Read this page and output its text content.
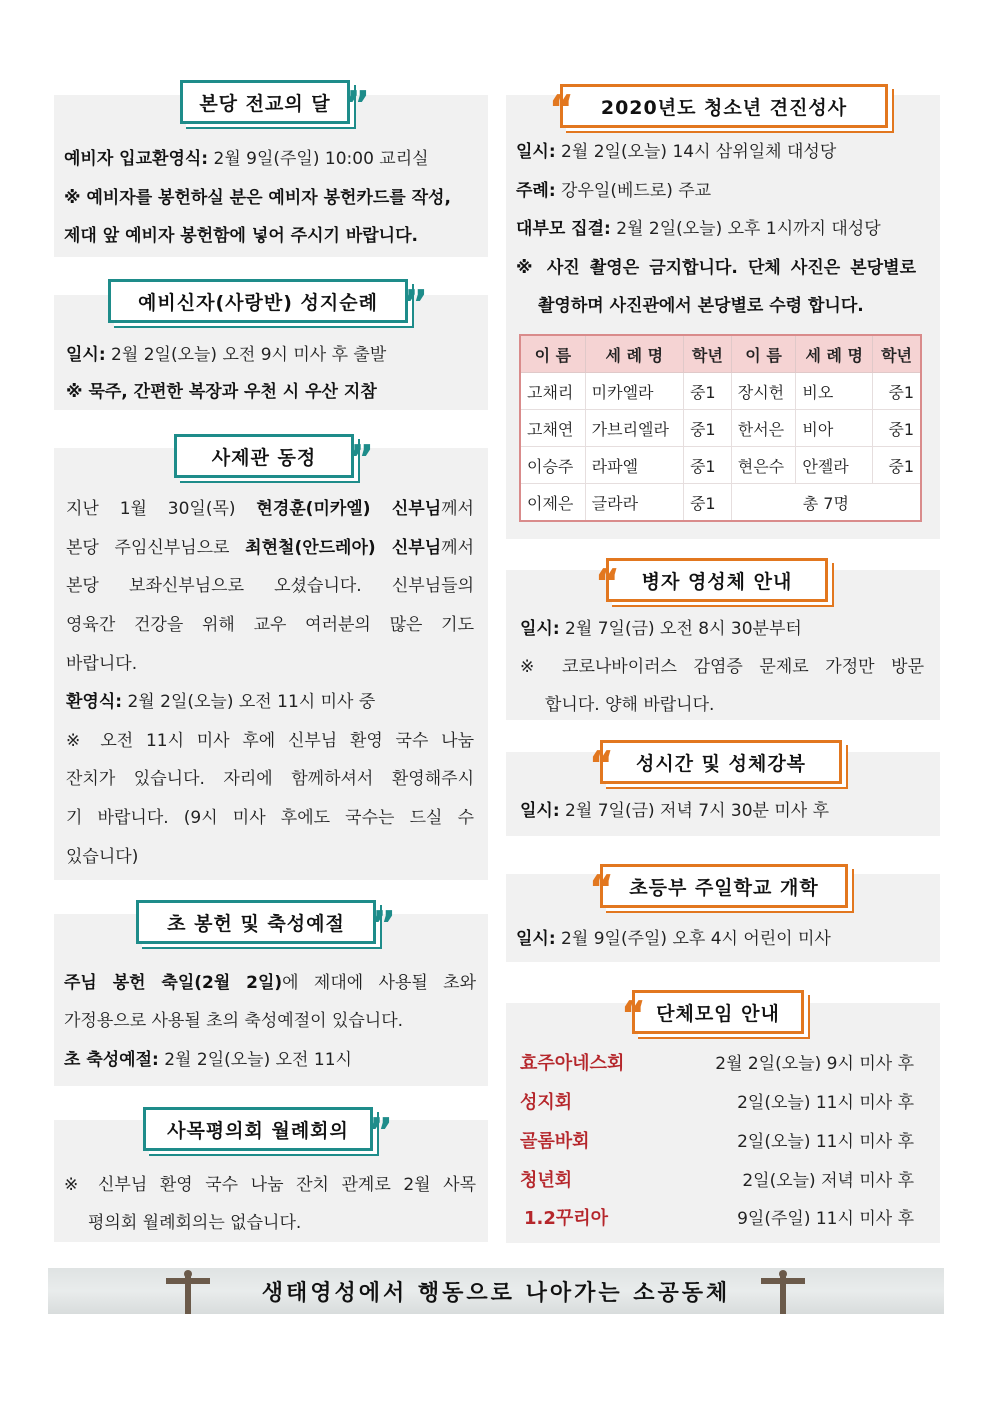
본당 전교의 달 ”
예비자 입교환영식: 2월 9일(주일) 10:00 교리실
※ 예비자를 봉헌하실 분은 예비자 봉헌카드를 작성,
제대 앞 예비자 봉헌함에 넣어 주시기 바랍니다.
예비신자(사랑반) 성지순례 ”
일시: 2월 2일(오늘) 오전 9시 미사 후 출발
※ 묵주, 간편한 복장과 우천 시 우산 지참
사제관 동정 ”
지난 1월 30일(목) 현경훈(미카엘) 신부님께서
본당 주임신부님으로 최현철(안드레아) 신부님께서
본당 보좌신부님으로 오셨습니다. 신부님들의
영육간 건강을 위해 교우 여러분의 많은 기도
바랍니다.
환영식: 2월 2일(오늘) 오전 11시 미사 중
※ 오전 11시 미사 후에 신부님 환영 국수 나눔
잔치가 있습니다. 자리에 함께하셔서 환영해주시
기 바랍니다. (9시 미사 후에도 국수는 드실 수
있습니다)
초 봉헌 및 축성예절 ”
주님 봉헌 축일(2월 2일)에 제대에 사용될 초와
가정용으로 사용될 초의 축성예절이 있습니다.
초 축성예절: 2월 2일(오늘) 오전 11시
사목평의회 월례회의 ”
※ 신부님 환영 국수 나눔 잔치 관계로 2월 사목
평의회 월례회의는 없습니다.
“ 2020년도 청소년 견진성사
일시: 2월 2일(오늘) 14시 삼위일체 대성당
주례: 강우일(베드로) 주교
대부모 집결: 2월 2일(오늘) 오후 1시까지 대성당
※ 사진 촬영은 금지합니다. 단체 사진은 본당별로
촬영하며 사진관에서 본당별로 수령 합니다.
이 름	세 례 명	학년	이 름	세 례 명	학년
고채리	미카엘라	중1	장시헌	비오	중1
고채연	가브리엘라	중1	한서은	비아	중1
이승주	라파엘	중1	현은수	안젤라	중1
이제은	글라라	중1	총 7명		
“ 병자 영성체 안내
일시: 2월 7일(금) 오전 8시 30분부터
※ 코로나바이러스 감염증 문제로 가정만 방문
합니다. 양해 바랍니다.
“ 성시간 및 성체강복
일시: 2월 7일(금) 저녁 7시 30분 미사 후
“ 초등부 주일학교 개학
일시: 2월 9일(주일) 오후 4시 어린이 미사
“ 단체모임 안내
효주아네스회	2월 2일(오늘) 9시 미사 후
성지회	2일(오늘) 11시 미사 후
골롬바회	2일(오늘) 11시 미사 후
청년회	2일(오늘) 저녁 미사 후
1.2꾸리아	9일(주일) 11시 미사 후
생태영성에서 행동으로 나아가는 소공동체
